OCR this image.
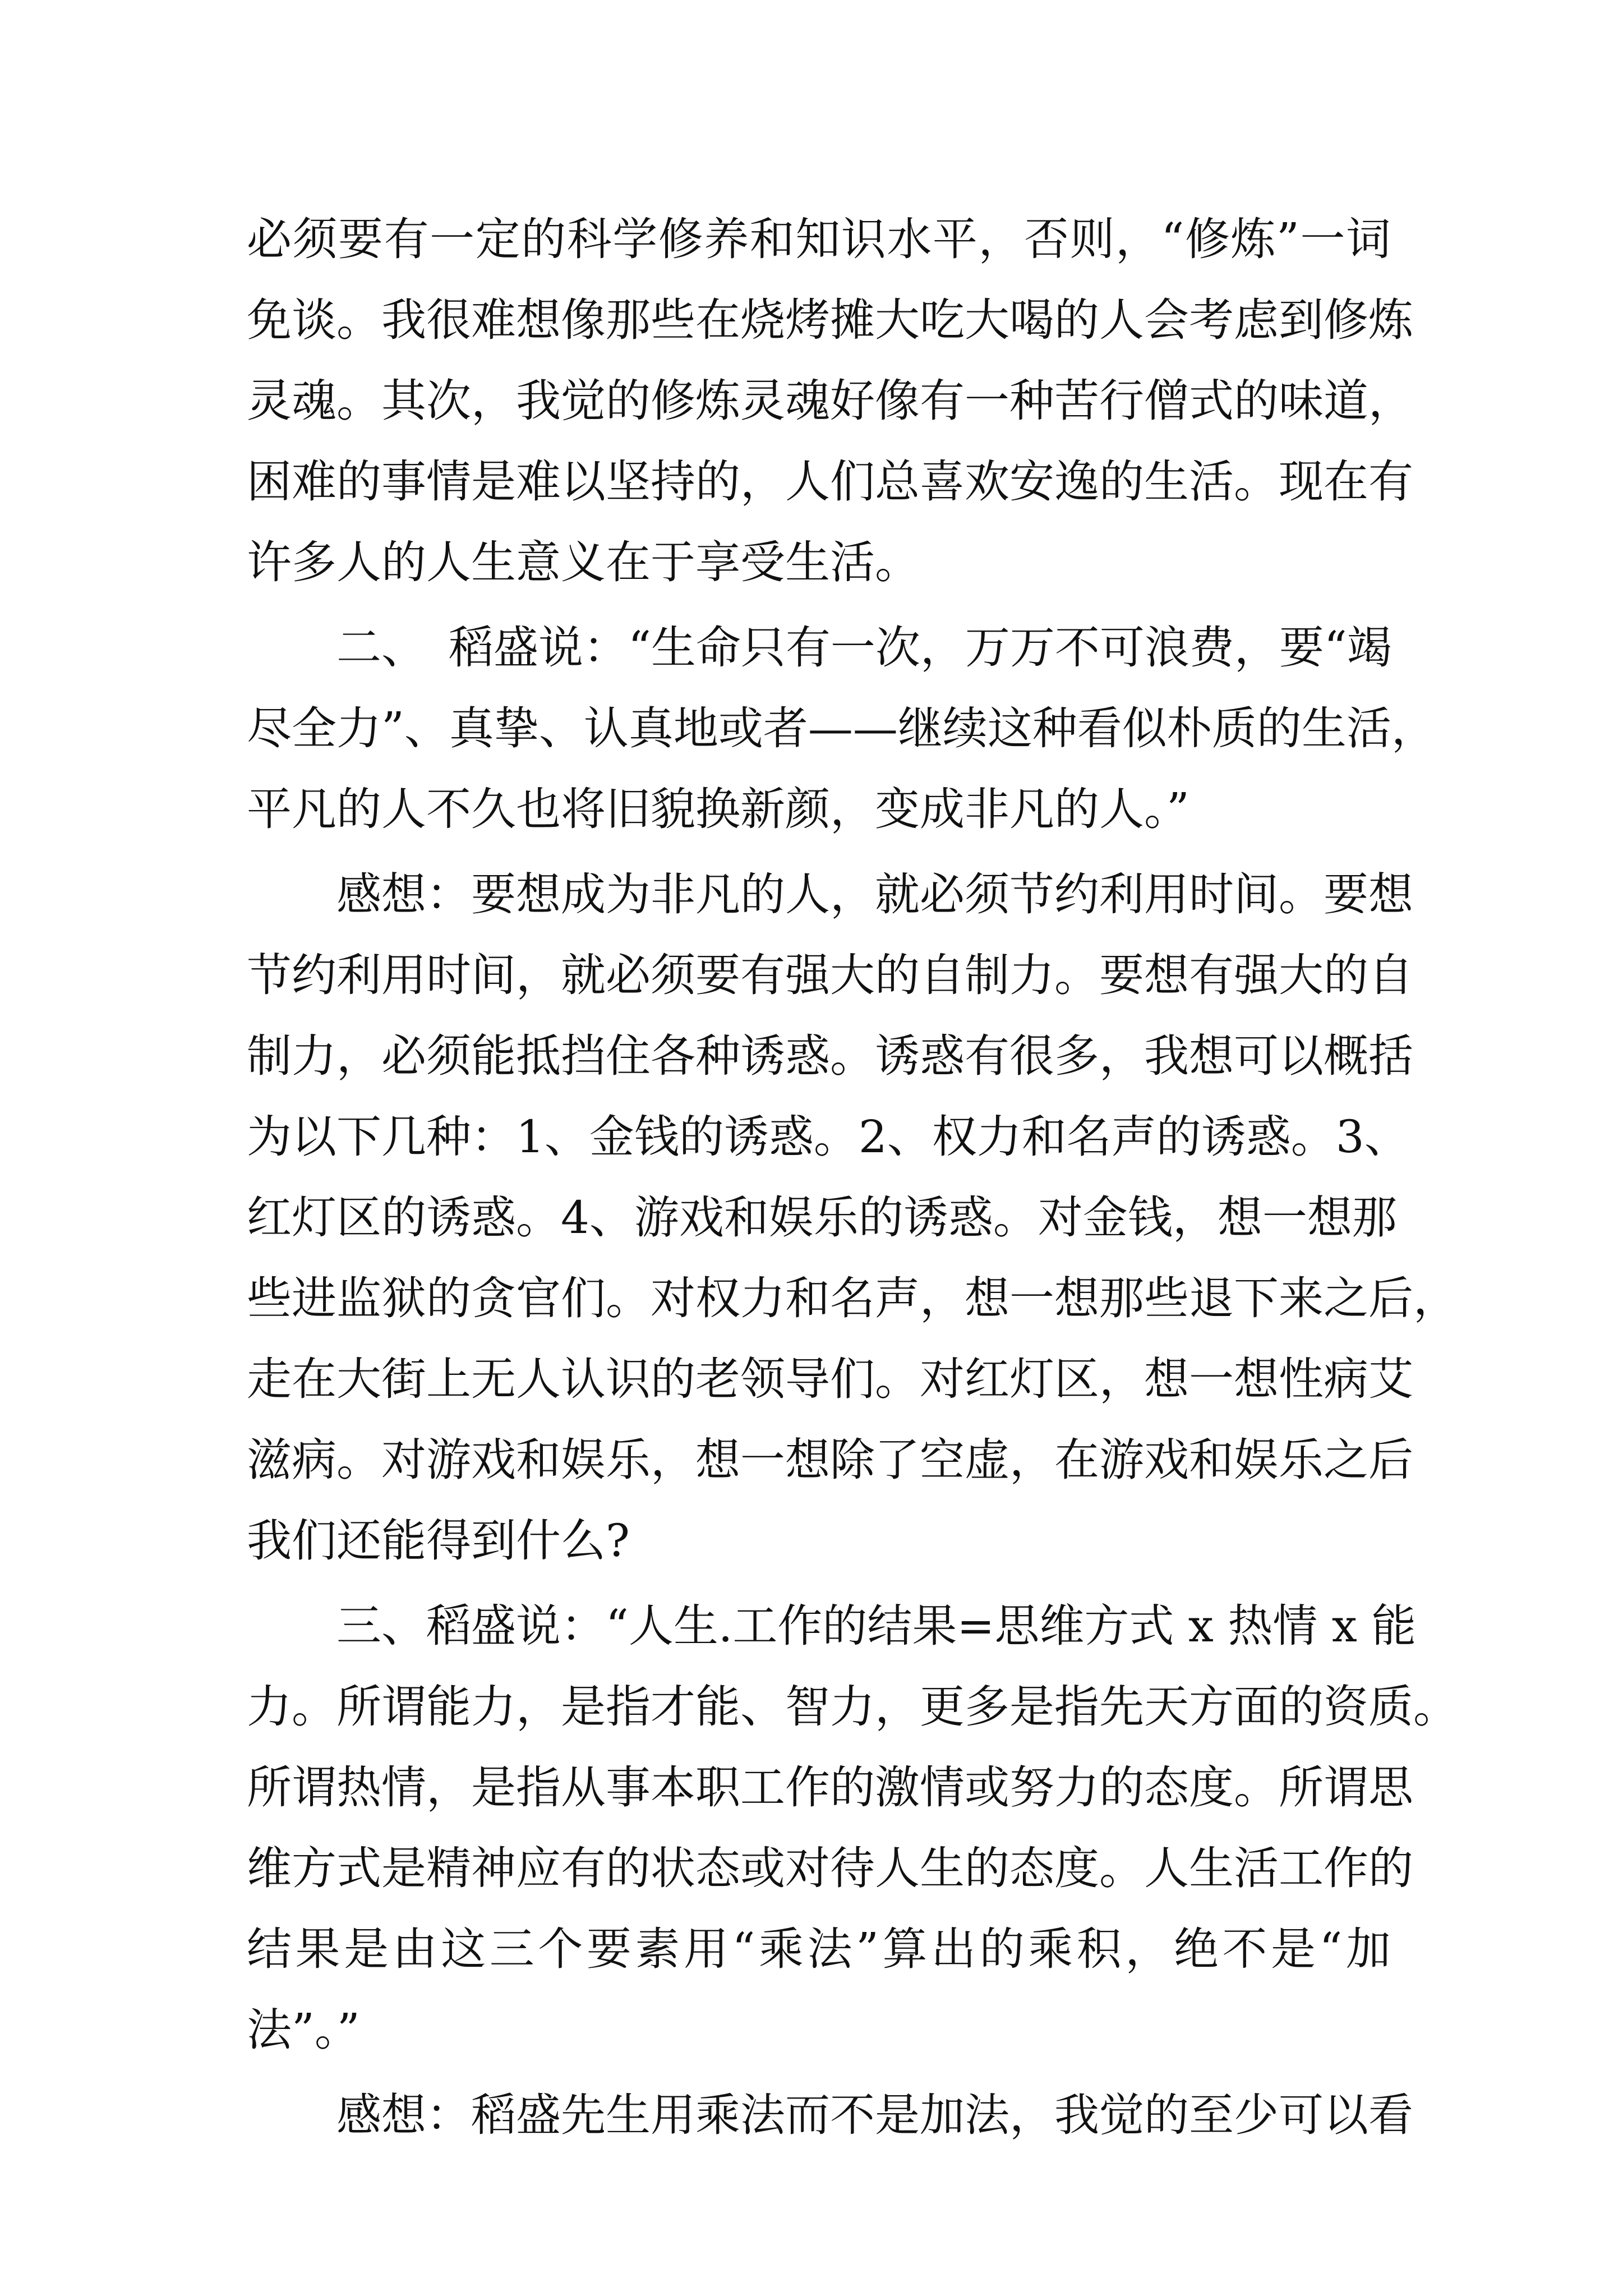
必须要有一定的科学修养和知识水平，否则，“修炼”一词
免谈。我很难想像那些在烧烤摊大吃大喝的人会考虑到修炼
灵魂。其次，我觉的修炼灵魂好像有一种苦行僧式的味道，
困难的事情是难以坚持的，人们总喜欢安逸的生活。现在有
许多人的人生意义在于享受生活。
　　二、　稻盛说：“生命只有一次，万万不可浪费，要“竭
尽全力”、真挚、认真地或者——继续这种看似朴质的生活，
平凡的人不久也将旧貌换新颜，变成非凡的人。”
　　感想：要想成为非凡的人，就必须节约利用时间。要想
节约利用时间，就必须要有强大的自制力。要想有强大的自
制力，必须能抵挡住各种诱惑。诱惑有很多，我想可以概括
为以下几种：1、金钱的诱惑。2、权力和名声的诱惑。3、
红灯区的诱惑。4、游戏和娱乐的诱惑。对金钱，想一想那
些进监狱的贪官们。对权力和名声，想一想那些退下来之后，
走在大街上无人认识的老领导们。对红灯区，想一想性病艾
滋病。对游戏和娱乐，想一想除了空虚，在游戏和娱乐之后
我们还能得到什么?
　　三、稻盛说：“人生.工作的结果=思维方式 x 热情 x 能
力。所谓能力，是指才能、智力，更多是指先天方面的资质。
所谓热情，是指从事本职工作的激情或努力的态度。所谓思
维方式是精神应有的状态或对待人生的态度。人生活工作的
结果是由这三个要素用“乘法”算出的乘积，绝不是“加
法”。”
　　感想：稻盛先生用乘法而不是加法，我觉的至少可以看
